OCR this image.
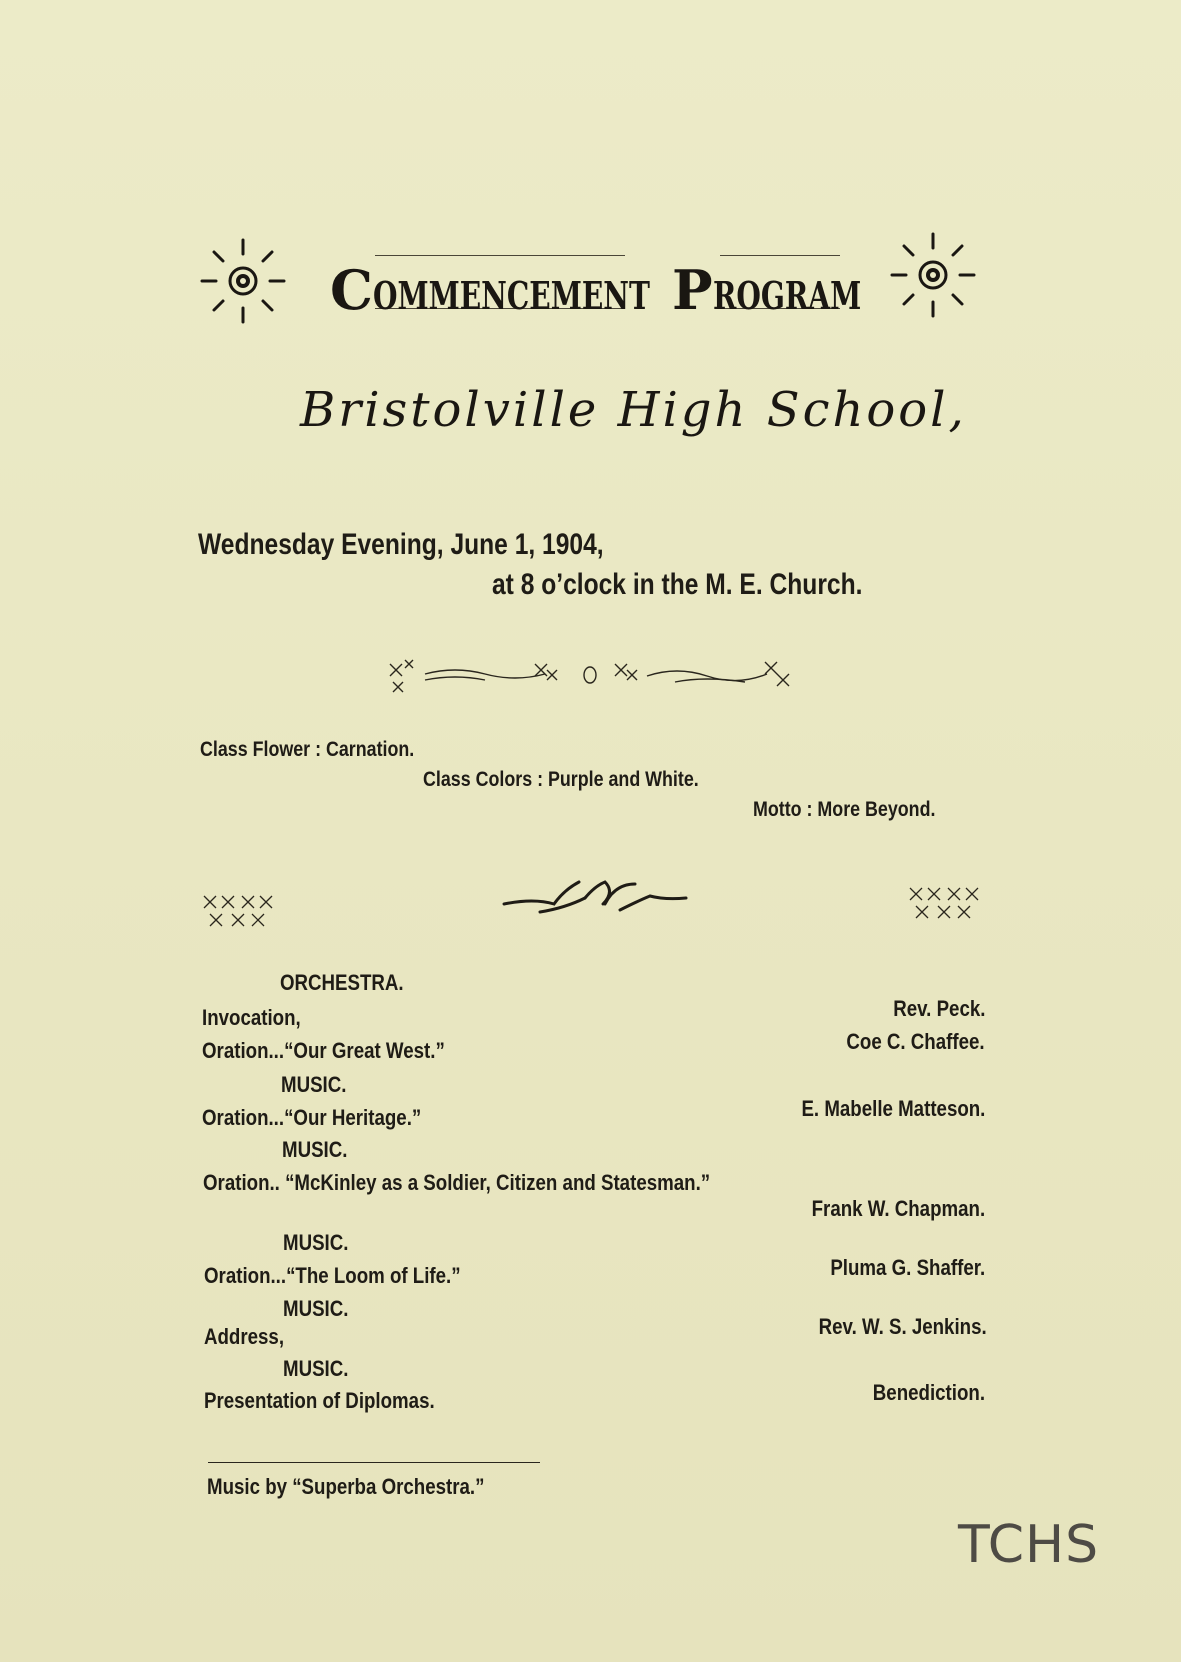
COMMENCEMENT PROGRAM
Bristolville High School,
Wednesday Evening, June 1, 1904,
at 8 o’clock in the M. E. Church.
Class Flower : Carnation.
Class Colors : Purple and White.
Motto : More Beyond.
ORCHESTRA.
Invocation,
Oration...“Our Great West.”
MUSIC.
Oration...“Our Heritage.”
MUSIC.
Oration.. “McKinley as a Soldier, Citizen and Statesman.”
MUSIC.
Oration...“The Loom of Life.”
MUSIC.
Address,
MUSIC.
Presentation of Diplomas.
Rev. Peck.
Coe C. Chaffee.
E. Mabelle Matteson.
Frank W. Chapman.
Pluma G. Shaffer.
Rev. W. S. Jenkins.
Benediction.
Music by “Superba Orchestra.”
TCHS
